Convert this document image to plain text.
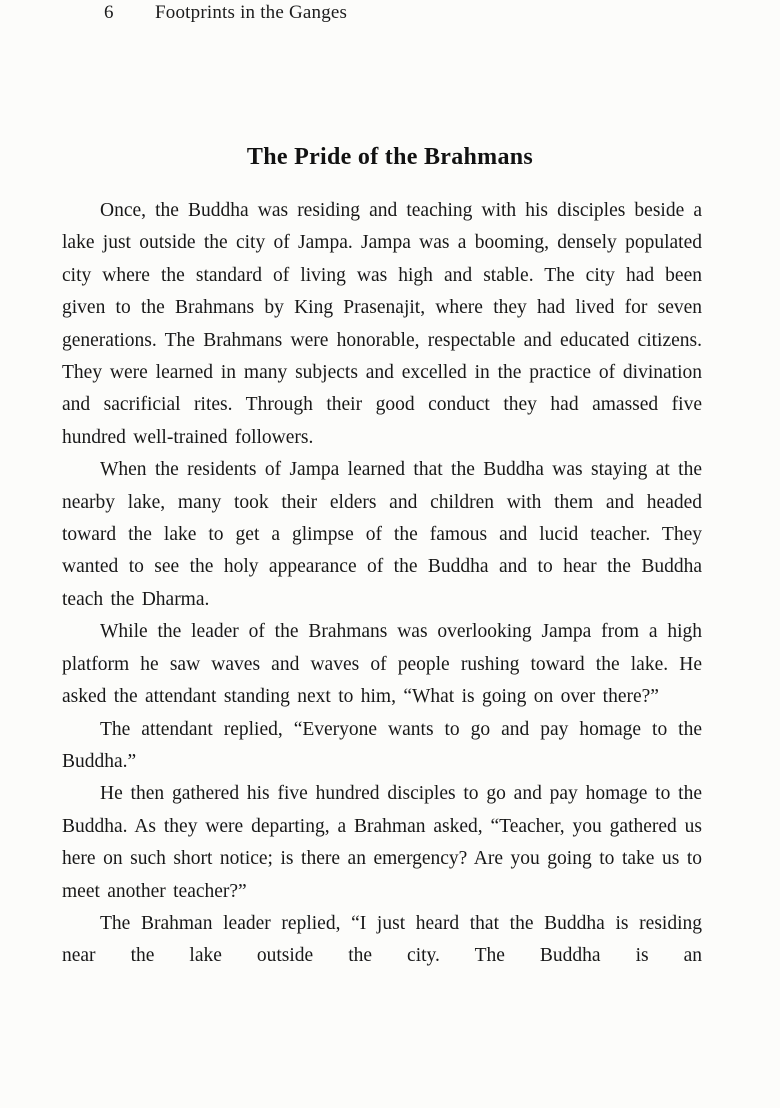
6 Footprints in the Ganges
The Pride of the Brahmans

Once, the Buddha was residing and teaching with his disciples beside a lake just outside the city of Jampa. Jampa was a booming, densely populated city where the standard of living was high and stable. The city had been given to the Brahmans by King Prasenajit, where they had lived for seven generations. The Brahmans were honorable, respectable and educated citizens. They were learned in many subjects and excelled in the practice of divination and sacrificial rites. Through their good conduct they had amassed five hundred well-trained followers.

When the residents of Jampa learned that the Buddha was staying at the nearby lake, many took their elders and children with them and headed toward the lake to get a glimpse of the famous and lucid teacher. They wanted to see the holy appearance of the Buddha and to hear the Buddha teach the Dharma.

While the leader of the Brahmans was overlooking Jampa from a high platform he saw waves and waves of people rushing toward the lake. He asked the attendant standing next to him, “What is going on over there?”

The attendant replied, “Everyone wants to go and pay homage to the Buddha.”

He then gathered his five hundred disciples to go and pay homage to the Buddha. As they were departing, a Brahman asked, “Teacher, you gathered us here on such short notice; is there an emergency? Are you going to take us to meet another teacher?”

The Brahman leader replied, “I just heard that the Buddha is residing near the lake outside the city. The Buddha is an
